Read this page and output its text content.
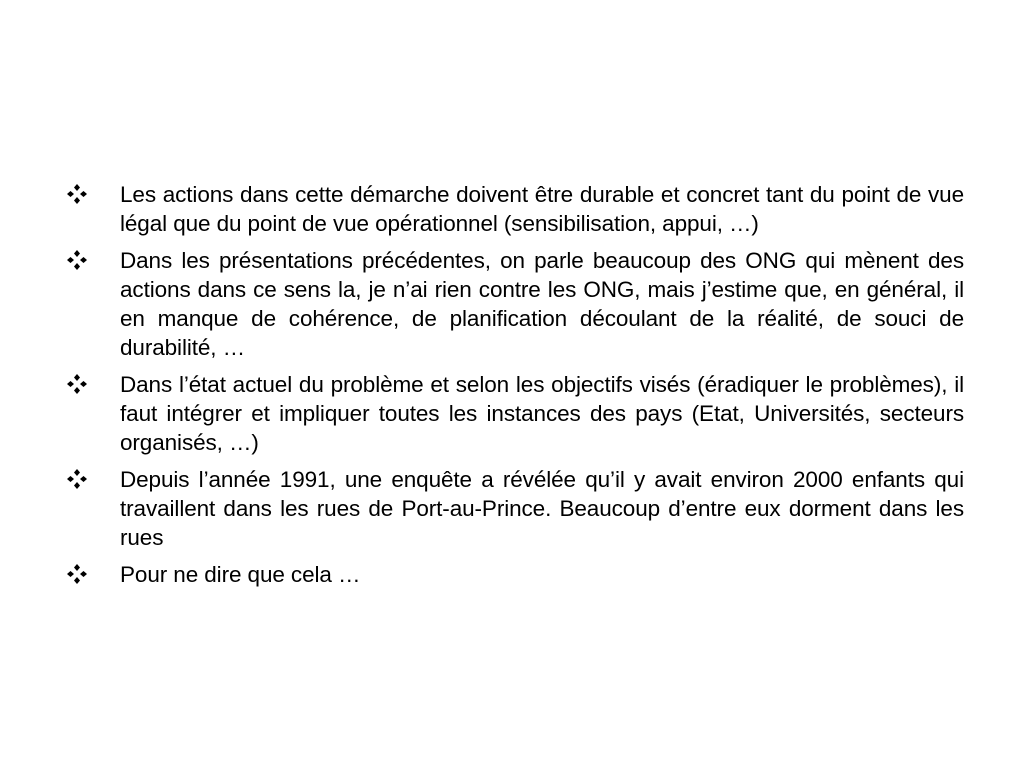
Les actions dans cette démarche doivent être durable et concret tant du point de vue légal que du point de vue opérationnel (sensibilisation, appui, …)
Dans les présentations précédentes, on parle beaucoup des ONG qui mènent des actions dans ce sens la, je n’ai rien contre les ONG, mais j’estime que, en général, il en manque de cohérence, de planification découlant de la réalité, de souci de durabilité, …
Dans l’état actuel du problème et selon les objectifs visés (éradiquer le problèmes), il faut intégrer et impliquer toutes les instances des pays (Etat, Universités, secteurs organisés, …)
Depuis l’année 1991, une enquête a révélée qu’il y avait environ 2000 enfants qui travaillent dans les rues de Port-au-Prince. Beaucoup d’entre eux dorment dans les rues
Pour ne dire que cela …
